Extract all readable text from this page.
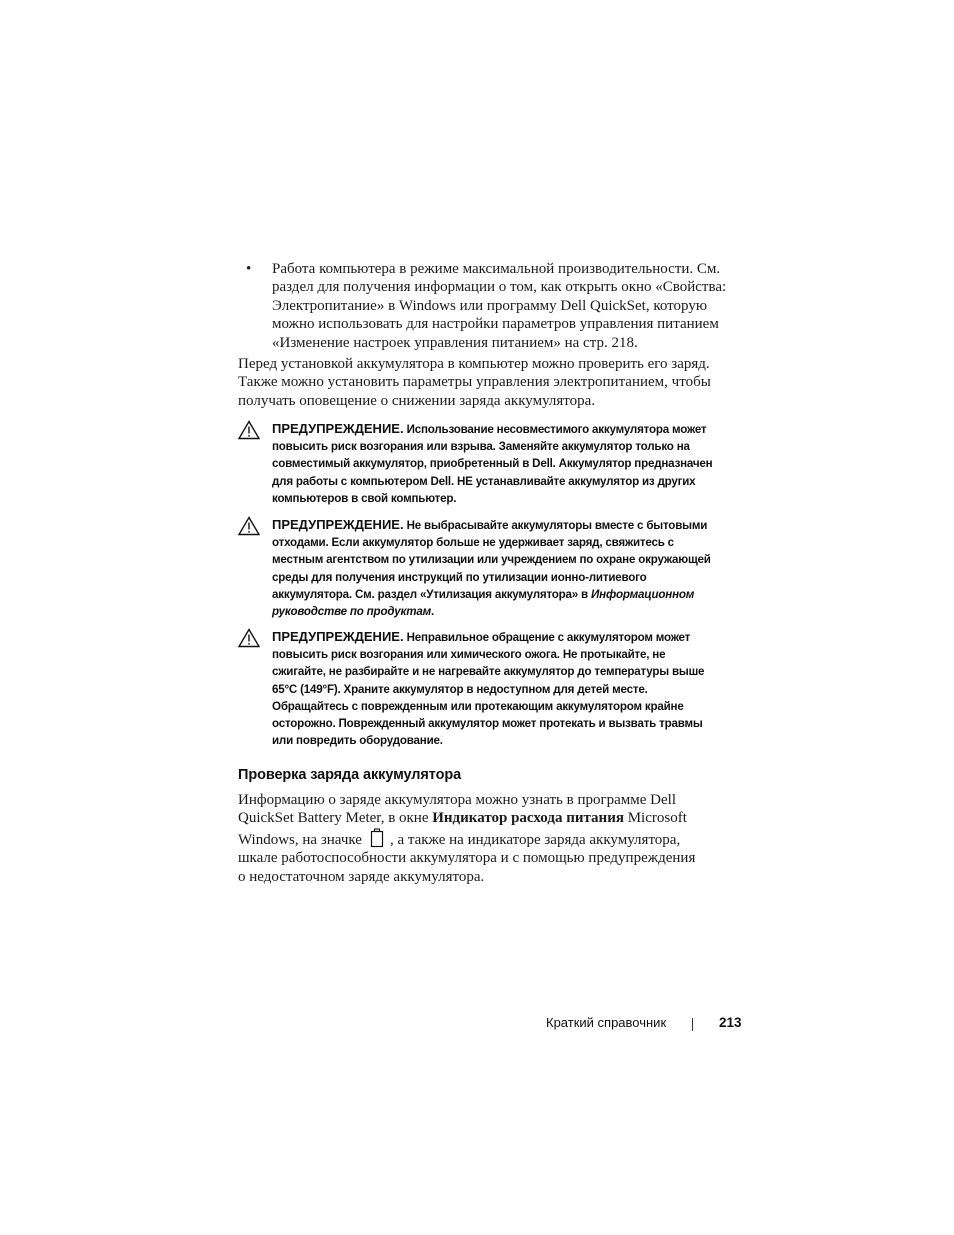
• Работа компьютера в режиме максимальной производительности. См.
раздел для получения информации о том, как открыть окно «Свойства:
Электропитание» в Windows или программу Dell QuickSet, которую
можно использовать для настройки параметров управления питанием
«Изменение настроек управления питанием» на стр. 218.

Перед установкой аккумулятора в компьютер можно проверить его заряд.
Также можно установить параметры управления электропитанием, чтобы
получать оповещение о снижении заряда аккумулятора.

ПРЕДУПРЕЖДЕНИЕ. Использование несовместимого аккумулятора может
повысить риск возгорания или взрыва. Заменяйте аккумулятор только на
совместимый аккумулятор, приобретенный в Dell. Аккумулятор предназначен
для работы с компьютером Dell. НЕ устанавливайте аккумулятор из других
компьютеров в свой компьютер.
ПРЕДУПРЕЖДЕНИЕ. Не выбрасывайте аккумуляторы вместе с бытовыми
отходами. Если аккумулятор больше не удерживает заряд, свяжитесь с
местным агентством по утилизации или учреждением по охране окружающей
среды для получения инструкций по утилизации ионно-литиевого
аккумулятора. См. раздел «Утилизация аккумулятора» в Информационном
руководстве по продуктам.
ПРЕДУПРЕЖДЕНИЕ. Неправильное обращение с аккумулятором может
повысить риск возгорания или химического ожога. Не протыкайте, не
сжигайте, не разбирайте и не нагревайте аккумулятор до температуры выше
65°C (149°F). Храните аккумулятор в недоступном для детей месте.
Обращайтесь с поврежденным или протекающим аккумулятором крайне
осторожно. Поврежденный аккумулятор может протекать и вызвать травмы
или повредить оборудование.
Проверка заряда аккумулятора

Информацию о заряде аккумулятора можно узнать в программе Dell
QuickSet Battery Meter, в окне Индикатор расхода питания Microsoft
Windows, на значке , а также на индикаторе заряда аккумулятора,
шкале работоспособности аккумулятора и с помощью предупреждения
о недостаточном заряде аккумулятора.

Краткий справочник	213
